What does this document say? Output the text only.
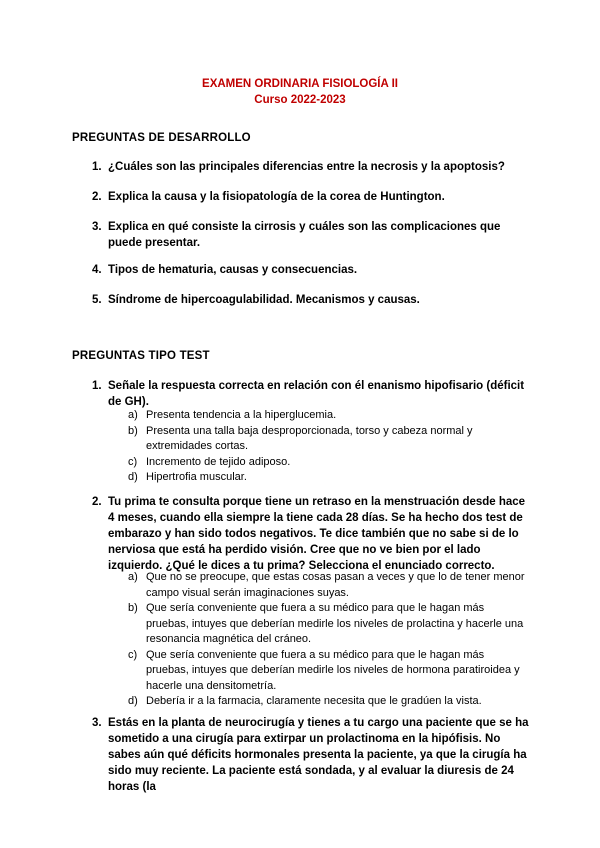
EXAMEN ORDINARIA FISIOLOGÍA II
Curso 2022-2023
PREGUNTAS DE DESARROLLO
1. ¿Cuáles son las principales diferencias entre la necrosis y la apoptosis?
2. Explica la causa y la fisiopatología de la corea de Huntington.
3. Explica en qué consiste la cirrosis y cuáles son las complicaciones que puede presentar.
4. Tipos de hematuria, causas y consecuencias.
5. Síndrome de hipercoagulabilidad. Mecanismos y causas.
PREGUNTAS TIPO TEST
1. Señale la respuesta correcta en relación con él enanismo hipofisario (déficit de GH).
a) Presenta tendencia a la hiperglucemia.
b) Presenta una talla baja desproporcionada, torso y cabeza normal y extremidades cortas.
c) Incremento de tejido adiposo.
d) Hipertrofia muscular.
2. Tu prima te consulta porque tiene un retraso en la menstruación desde hace 4 meses, cuando ella siempre la tiene cada 28 días. Se ha hecho dos test de embarazo y han sido todos negativos. Te dice también que no sabe si de lo nerviosa que está ha perdido visión. Cree que no ve bien por el lado izquierdo. ¿Qué le dices a tu prima? Selecciona el enunciado correcto.
a) Que no se preocupe, que estas cosas pasan a veces y que lo de tener menor campo visual serán imaginaciones suyas.
b) Que sería conveniente que fuera a su médico para que le hagan más pruebas, intuyes que deberían medirle los niveles de prolactina y hacerle una resonancia magnética del cráneo.
c) Que sería conveniente que fuera a su médico para que le hagan más pruebas, intuyes que deberían medirle los niveles de hormona paratiroidea y hacerle una densitometría.
d) Debería ir a la farmacia, claramente necesita que le gradúen la vista.
3. Estás en la planta de neurocirugía y tienes a tu cargo una paciente que se ha sometido a una cirugía para extirpar un prolactinoma en la hipófisis. No sabes aún qué déficits hormonales presenta la paciente, ya que la cirugía ha sido muy reciente. La paciente está sondada, y al evaluar la diuresis de 24 horas (la
